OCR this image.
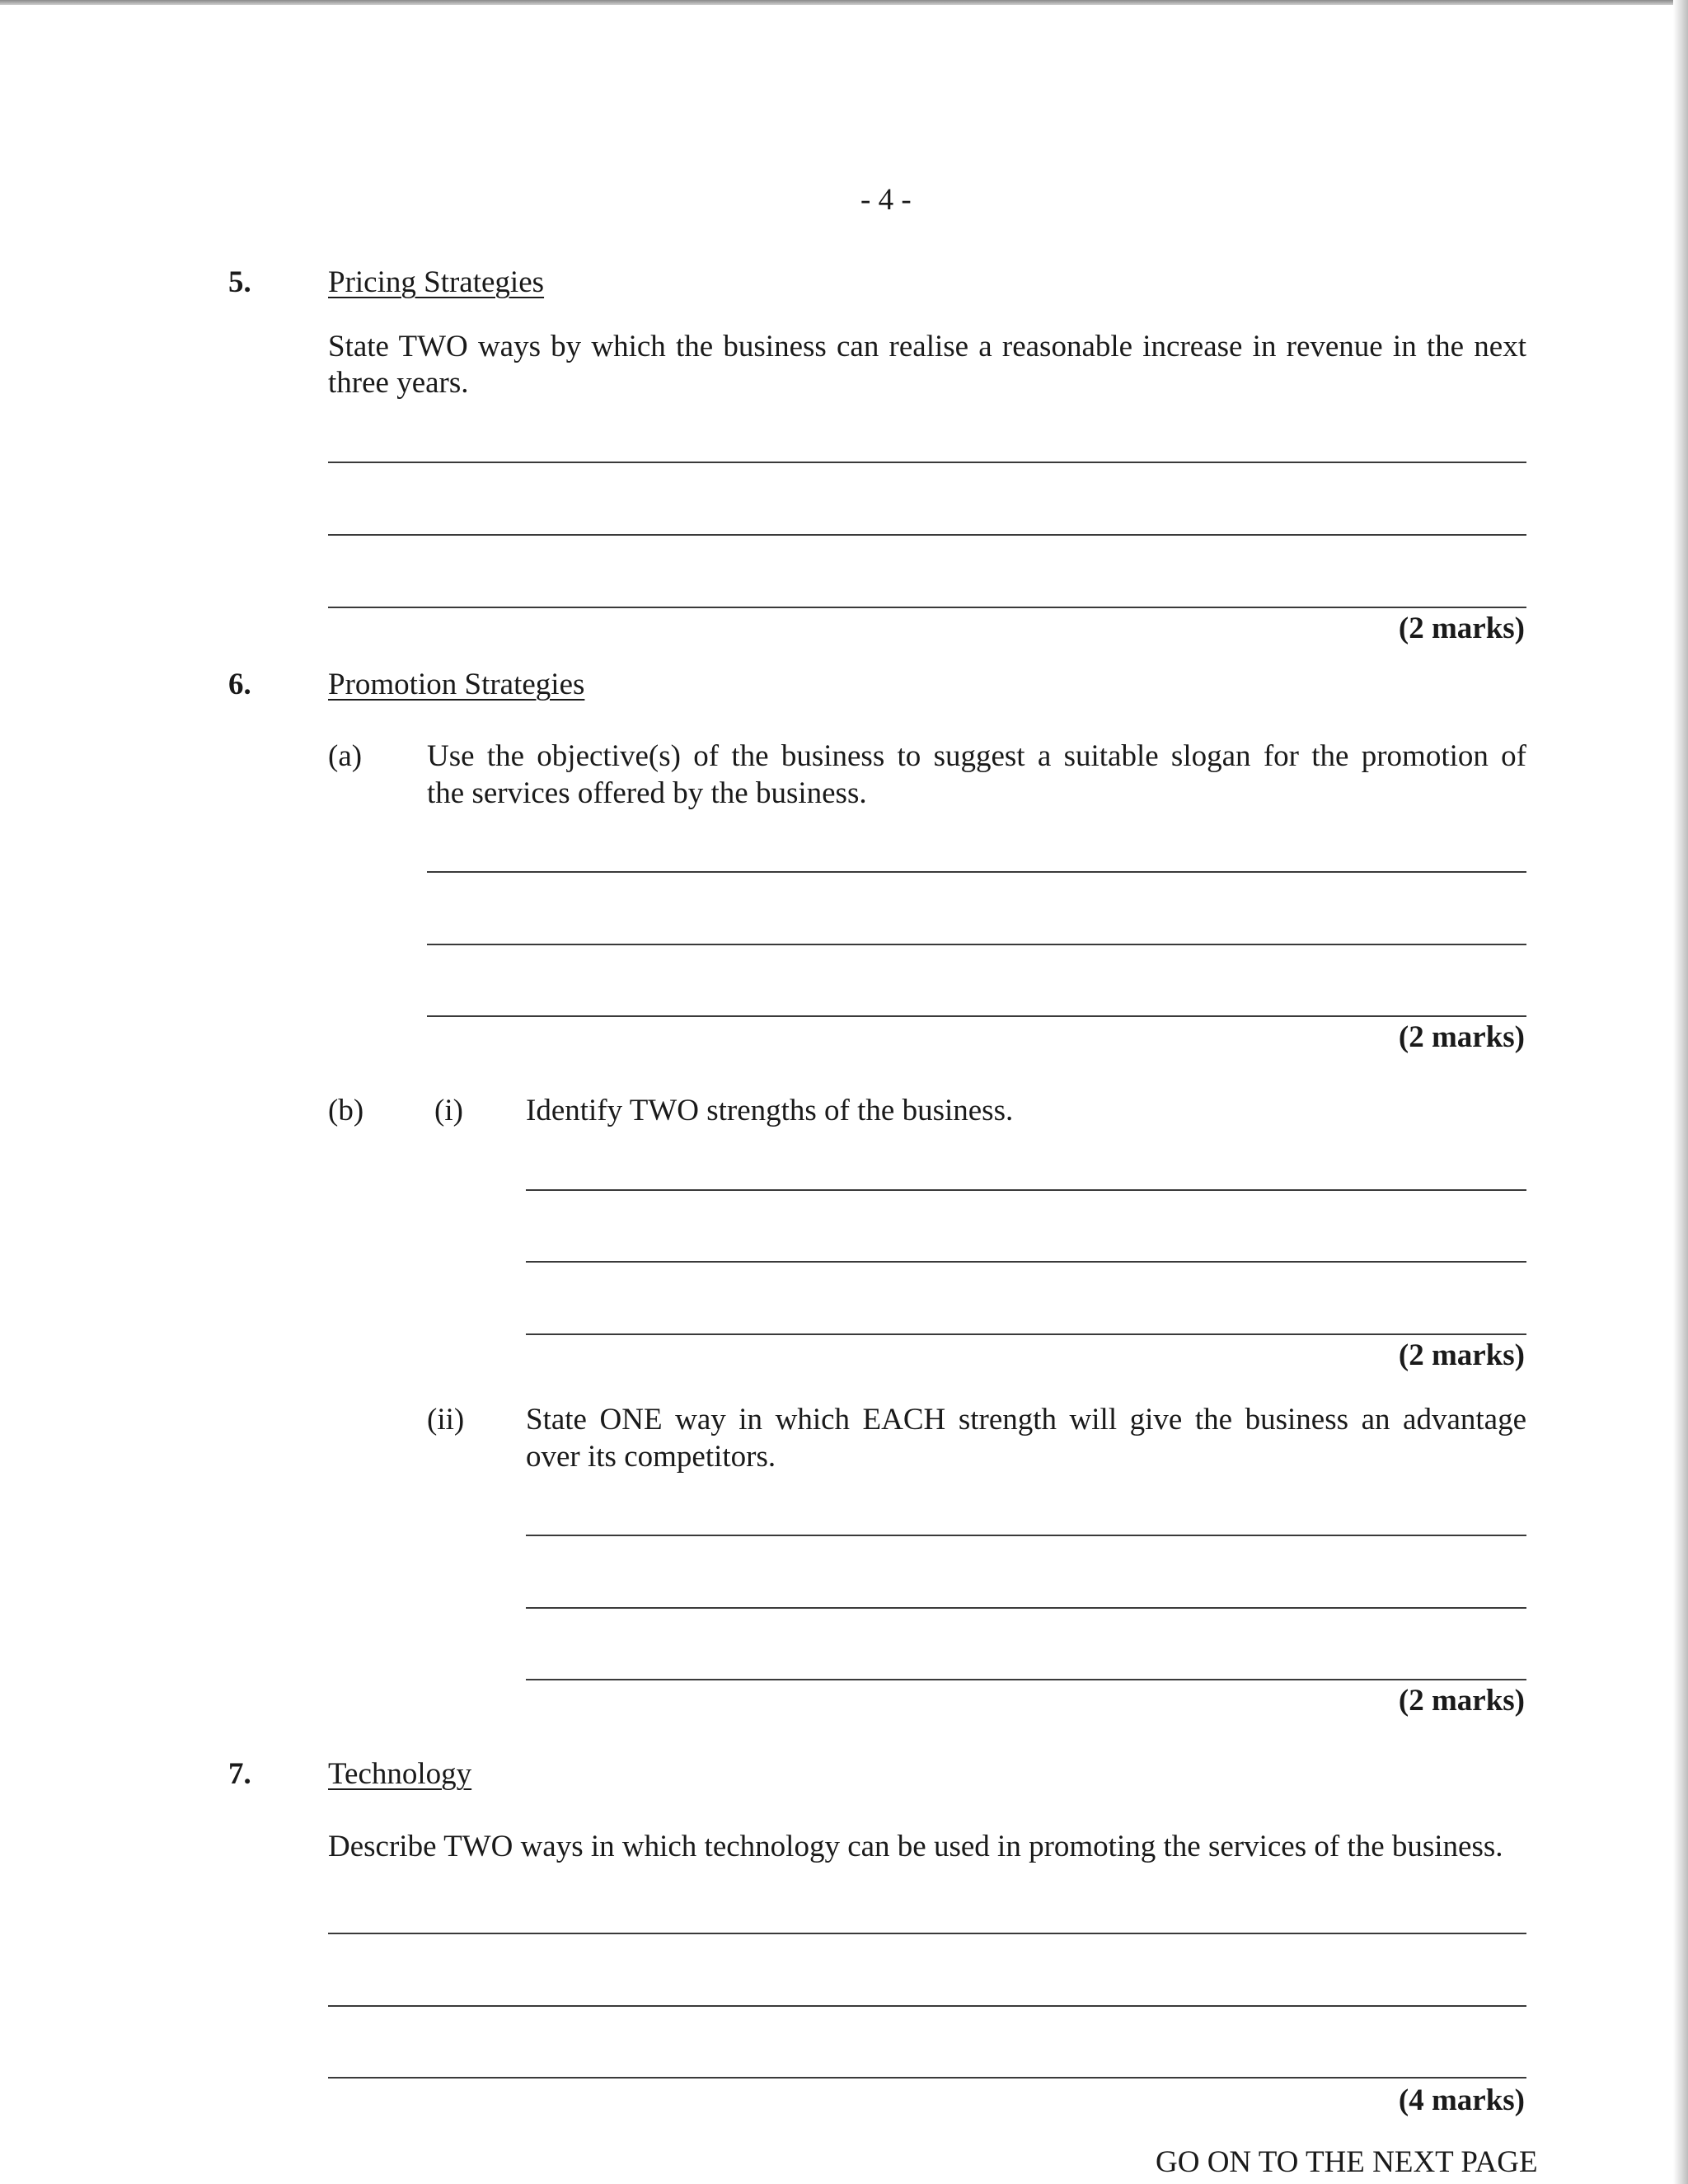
- 4 -
5.	Pricing Strategies
State TWO ways by which the business can realise a reasonable increase in revenue in the next
three years.
(2 marks)
6.	Promotion Strategies
(a) Use the objective(s) of the business to suggest a suitable slogan for the promotion of
the services offered by the business.
(2 marks)
(b) (i) Identify TWO strengths of the business.
(2 marks)
(ii) State ONE way in which EACH strength will give the business an advantage
over its competitors.
(2 marks)
7.	Technology
Describe TWO ways in which technology can be used in promoting the services of the business.
(4 marks)
GO ON TO THE NEXT PAGE
